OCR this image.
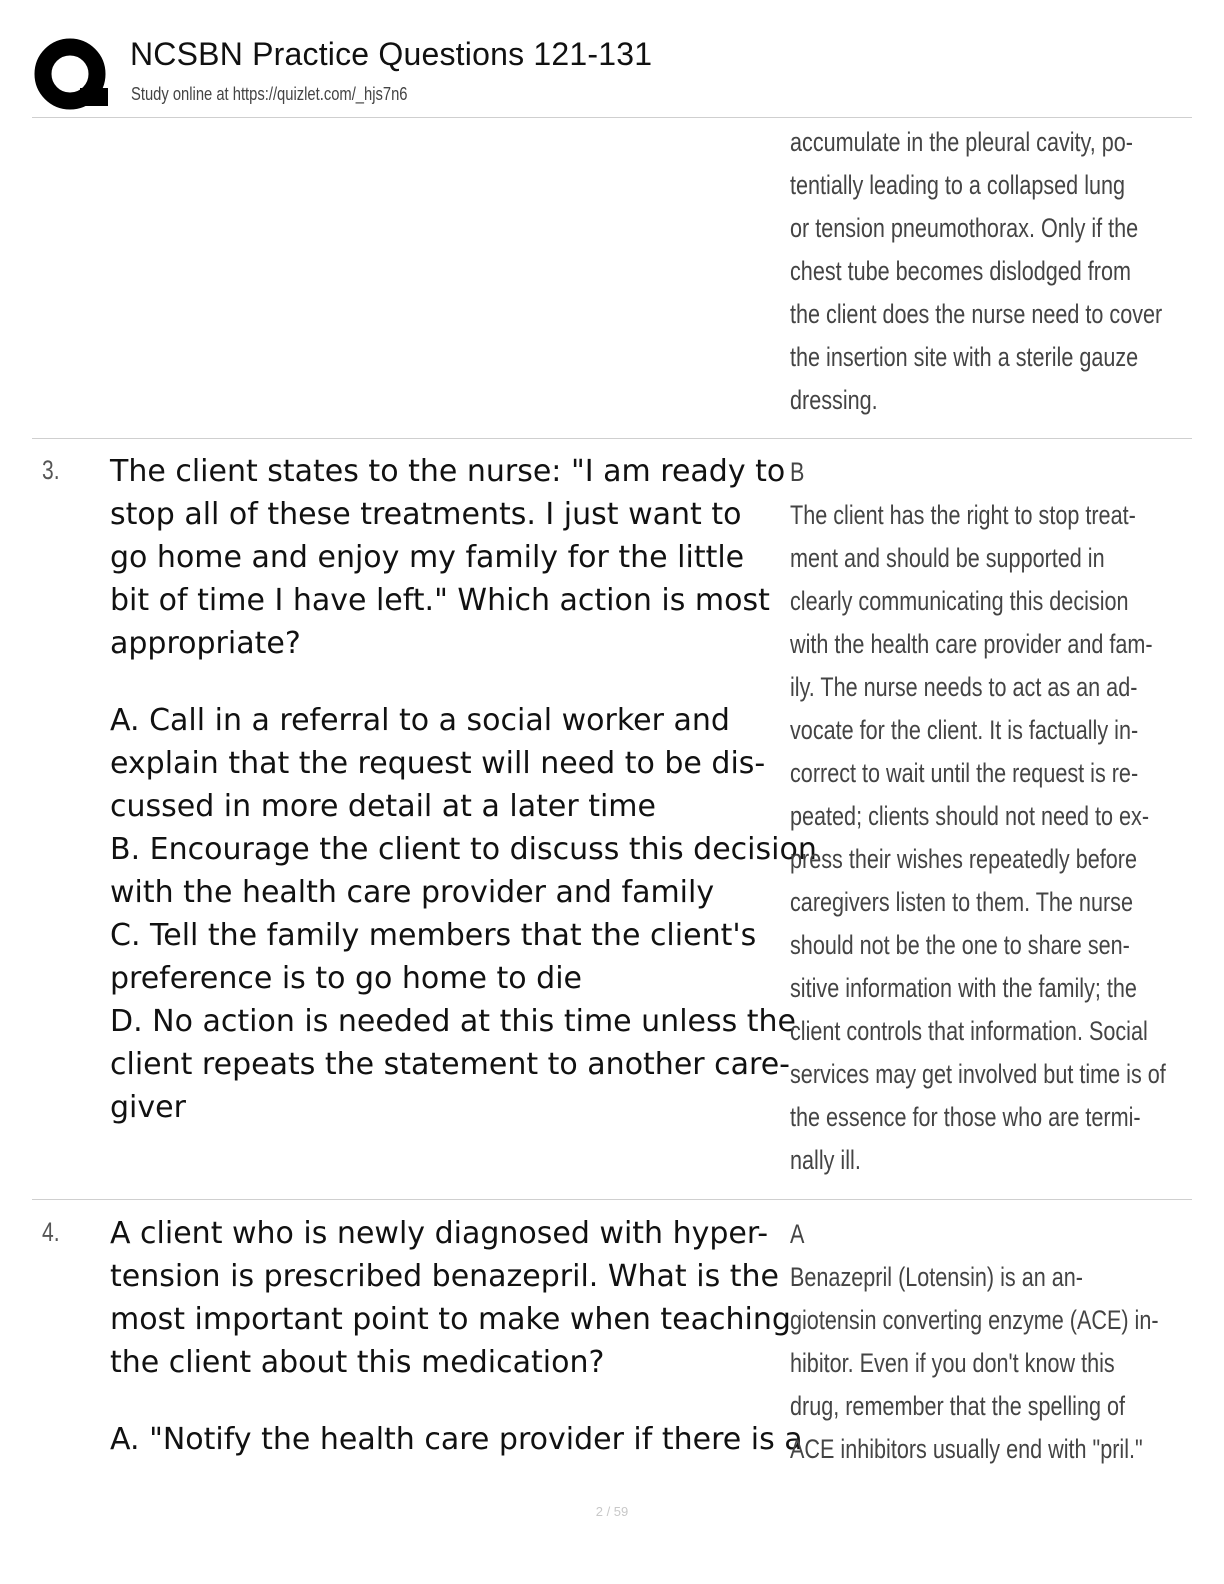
NCSBN Practice Questions 121-131
Study online at https://quizlet.com/_hjs7n6

accumulate in the pleural cavity, po-

tentially leading to a collapsed lung

or tension pneumothorax. Only if the

chest tube becomes dislodged from

the client does the nurse need to cover

the insertion site with a sterile gauze

dressing.

3. The client states to the nurse: "I am ready to

stop all of these treatments. I just want to

go home and enjoy my family for the little

bit of time I have left." Which action is most

appropriate?

A. Call in a referral to a social worker and

explain that the request will need to be dis-

cussed in more detail at a later time

B. Encourage the client to discuss this decision

with the health care provider and family

C. Tell the family members that the client's

preference is to go home to die

D. No action is needed at this time unless the

client repeats the statement to another care-

giver

B

The client has the right to stop treat-

ment and should be supported in

clearly communicating this decision

with the health care provider and fam-

ily. The nurse needs to act as an ad-

vocate for the client. It is factually in-

correct to wait until the request is re-

peated; clients should not need to ex-

press their wishes repeatedly before

caregivers listen to them. The nurse

should not be the one to share sen-

sitive information with the family; the

client controls that information. Social

services may get involved but time is of

the essence for those who are termi-

nally ill.

4. A client who is newly diagnosed with hyper-

tension is prescribed benazepril. What is the

most important point to make when teaching

the client about this medication?

A. "Notify the health care provider if there is a

A

Benazepril (Lotensin) is an an-

giotensin converting enzyme (ACE) in-

hibitor. Even if you don't know this

drug, remember that the spelling of

ACE inhibitors usually end with "pril."

2 / 59
